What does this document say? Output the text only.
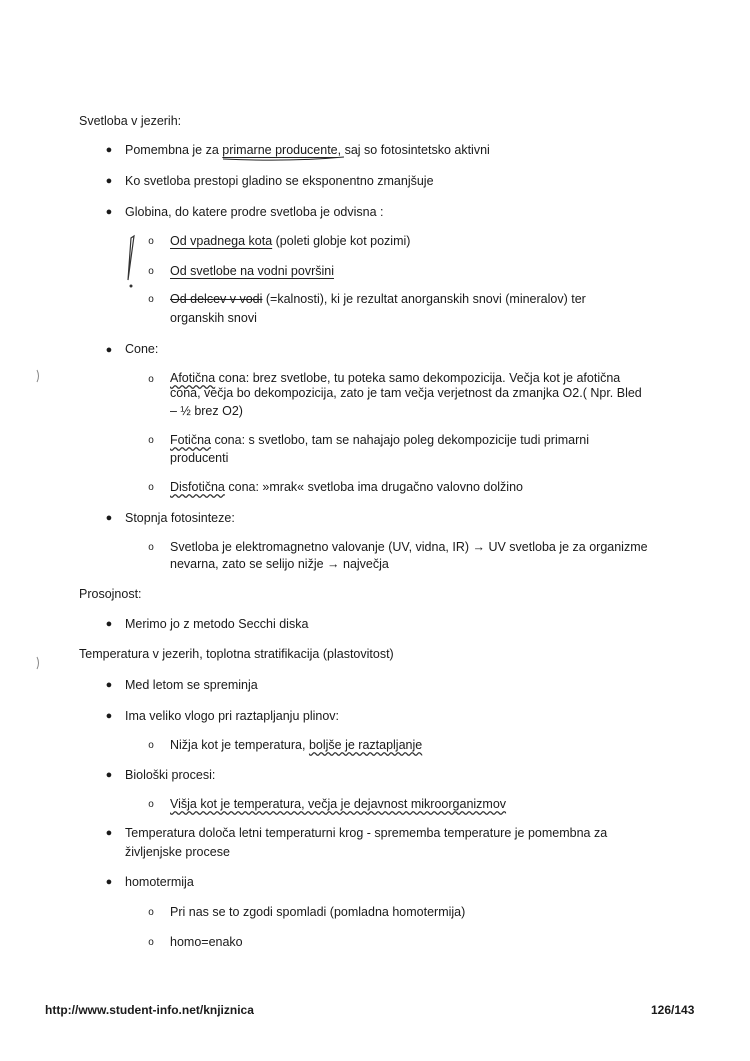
Svetloba v jezerih:
● Pomembna je za primarne producente, saj so fotosintetsko aktivni
● Ko svetloba prestopi gladino se eksponentno zmanjšuje
● Globina, do katere prodre svetloba je odvisna :
o Od vpadnega kota (poleti globje kot pozimi)
o Od svetlobe na vodni površini
o Od delcev v vodi (=kalnosti), ki je rezultat anorganskih snovi (mineralov) ter
organskih snovi
● Cone:
o Afotična cona: brez svetlobe, tu poteka samo dekompozicija. Večja kot je afotična
cona, večja bo dekompozicija, zato je tam večja verjetnost da zmanjka O2.( Npr. Bled
– ½ brez O2)
o Fotična cona: s svetlobo, tam se nahajajo poleg dekompozicije tudi primarni
producenti
o Disfotična cona: »mrak« svetloba ima drugačno valovno dolžino
● Stopnja fotosinteze:
o Svetloba je elektromagnetno valovanje (UV, vidna, IR) → UV svetloba je za organizme
nevarna, zato se selijo nižje → največja
Prosojnost:
● Merimo jo z metodo Secchi diska
Temperatura v jezerih, toplotna stratifikacija (plastovitost)
● Med letom se spreminja
● Ima veliko vlogo pri raztapljanju plinov:
o Nižja kot je temperatura, boljše je raztapljanje
● Biološki procesi:
o Višja kot je temperatura, večja je dejavnost mikroorganizmov
● Temperatura določa letni temperaturni krog - sprememba temperature je pomembna za
življenjske procese
● homotermija
o Pri nas se to zgodi spomladi (pomladna homotermija)
o homo=enako
http://www.student-info.net/knjiznica	126/143
